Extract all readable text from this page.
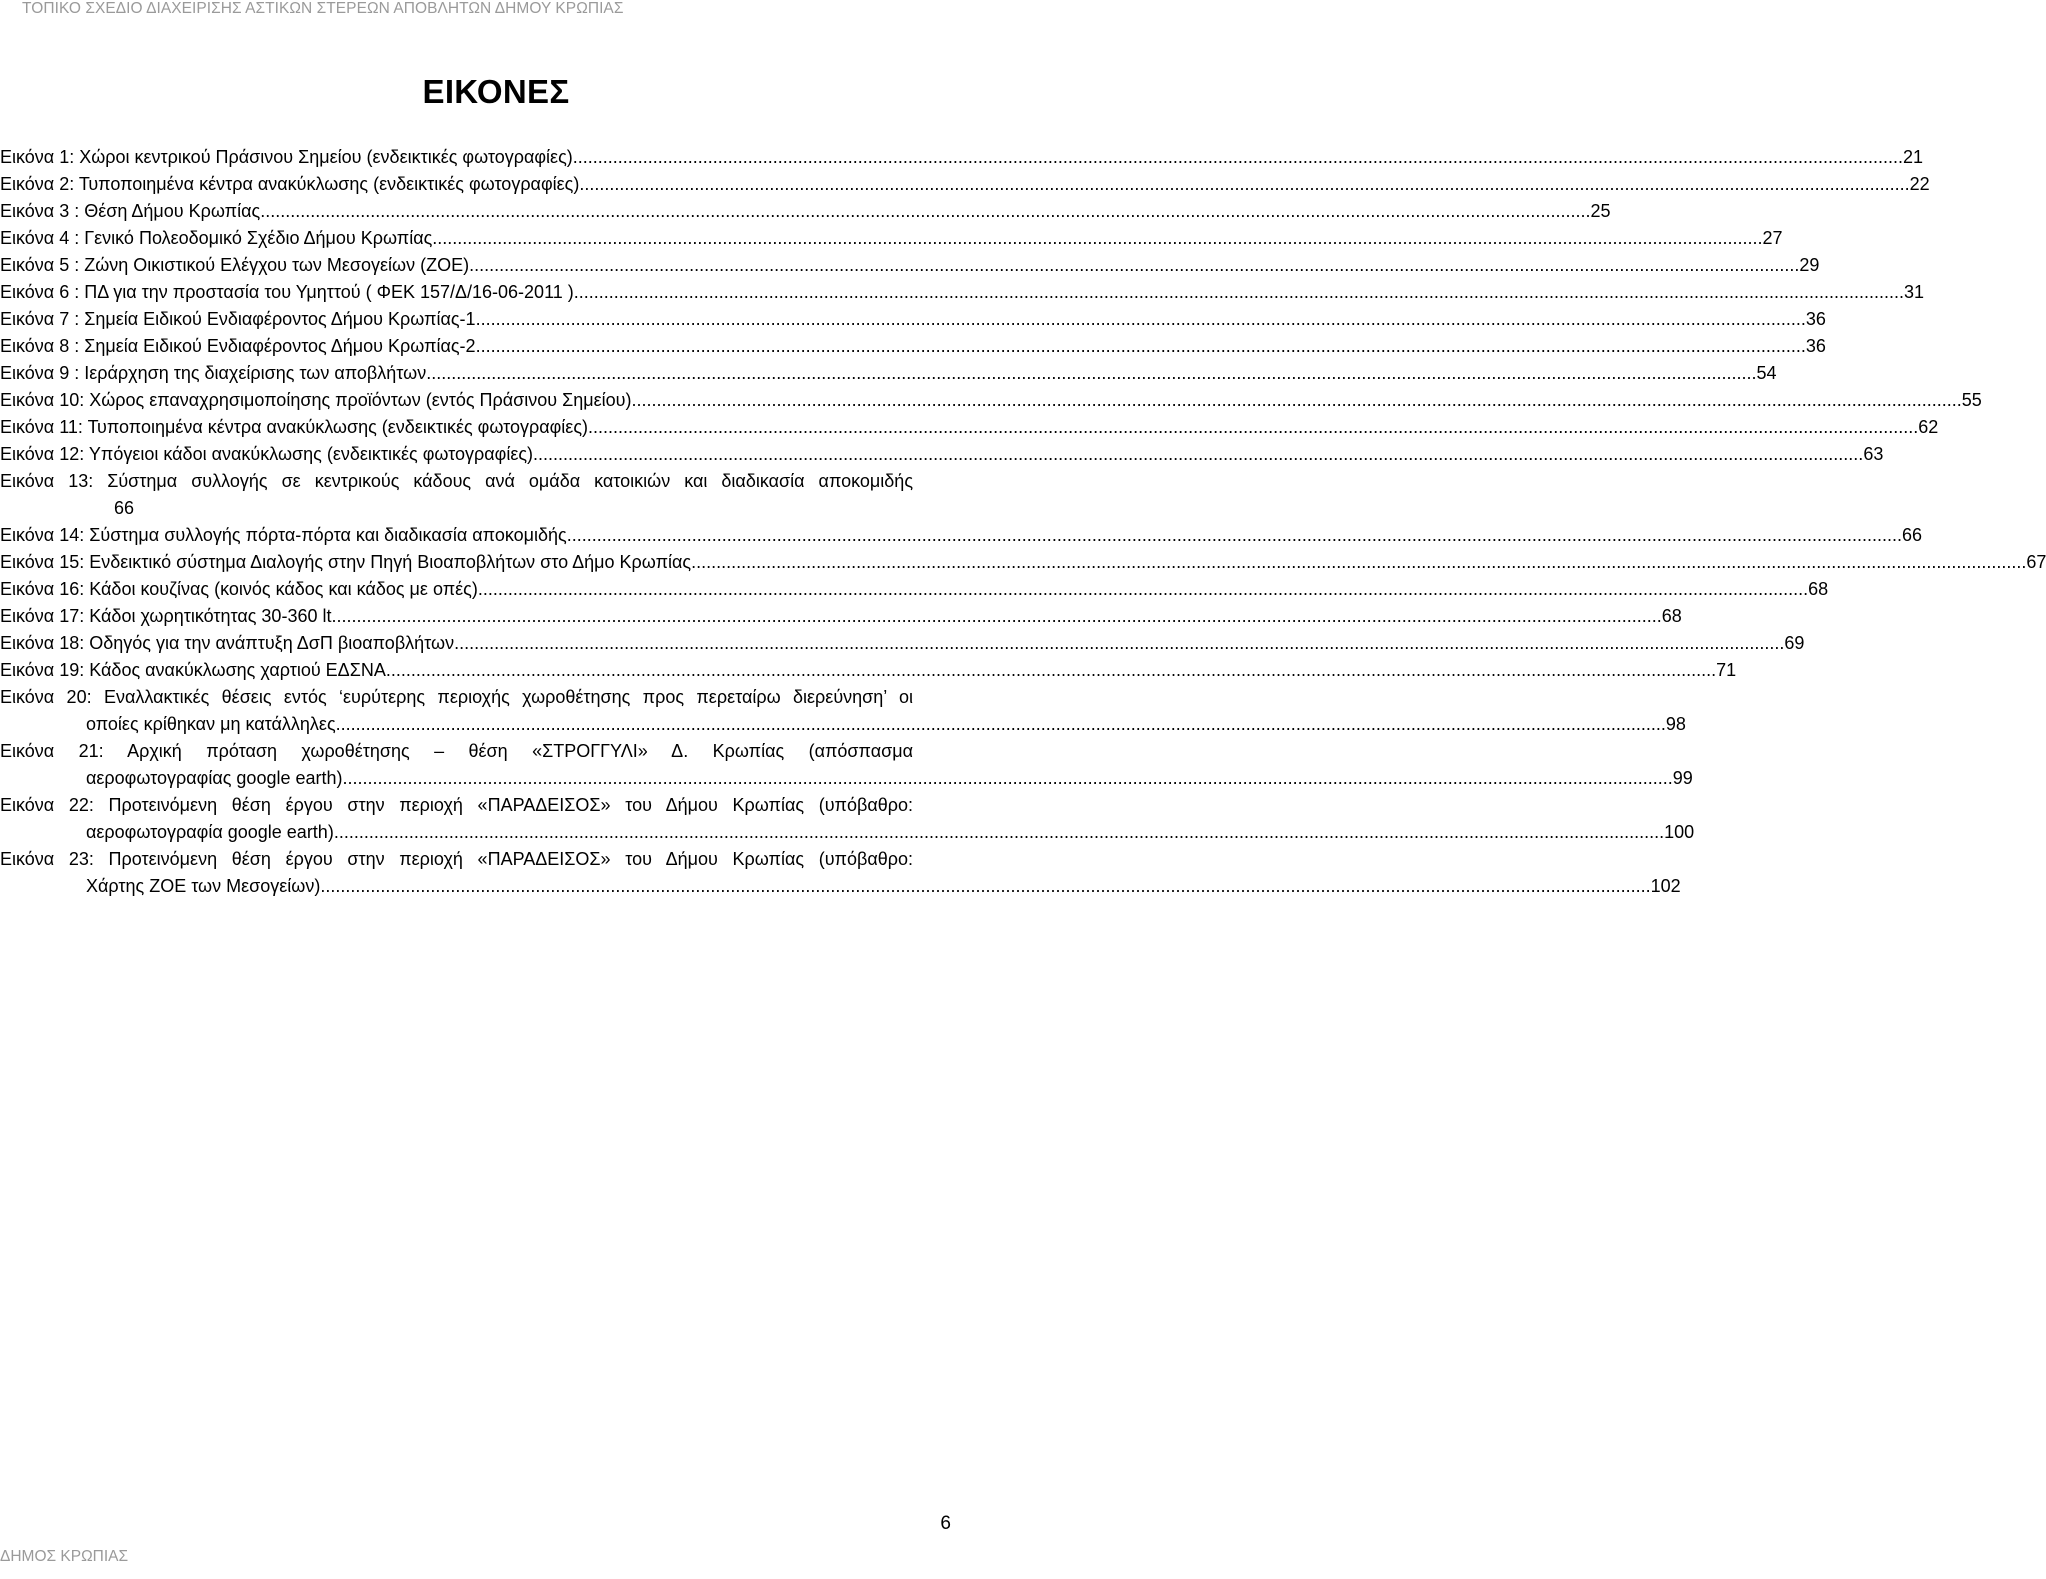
ΤΟΠΙΚΟ ΣΧΕΔΙΟ ΔΙΑΧΕΙΡΙΣΗΣ ΑΣΤΙΚΩΝ ΣΤΕΡΕΩΝ ΑΠΟΒΛΗΤΩΝ ΔΗΜΟΥ ΚΡΩΠΙΑΣ
ΕΙΚΟΝΕΣ
Εικόνα 1: Χώροι κεντρικού Πράσινου Σημείου (ενδεικτικές φωτογραφίες) .......................................................................................................................................................................................................................................................................... 21
Εικόνα 2: Τυποποιημένα κέντρα ανακύκλωσης (ενδεικτικές φωτογραφίες) .......................................................................................................................................................................................................................................................................... 22
Εικόνα 3 : Θέση Δήμου Κρωπίας .......................................................................................................................................................................................................................................................................... 25
Εικόνα 4 : Γενικό Πολεοδομικό Σχέδιο Δήμου Κρωπίας .......................................................................................................................................................................................................................................................................... 27
Εικόνα 5 : Ζώνη Οικιστικού Ελέγχου των Μεσογείων (ΖΟΕ) .......................................................................................................................................................................................................................................................................... 29
Εικόνα 6 : ΠΔ για την προστασία του Υμηττού ( ΦΕΚ 157/Δ/16-06-2011 ) .......................................................................................................................................................................................................................................................................... 31
Εικόνα 7 : Σημεία Ειδικού Ενδιαφέροντος Δήμου Κρωπίας-1 .......................................................................................................................................................................................................................................................................... 36
Εικόνα 8 : Σημεία Ειδικού Ενδιαφέροντος Δήμου Κρωπίας-2 .......................................................................................................................................................................................................................................................................... 36
Εικόνα 9 : Ιεράρχηση της διαχείρισης των αποβλήτων .......................................................................................................................................................................................................................................................................... 54
Εικόνα 10: Χώρος επαναχρησιμοποίησης προϊόντων (εντός Πράσινου Σημείου) .......................................................................................................................................................................................................................................................................... 55
Εικόνα 11: Τυποποιημένα κέντρα ανακύκλωσης (ενδεικτικές φωτογραφίες) .......................................................................................................................................................................................................................................................................... 62
Εικόνα 12: Υπόγειοι κάδοι ανακύκλωσης (ενδεικτικές φωτογραφίες) .......................................................................................................................................................................................................................................................................... 63
Εικόνα 13: Σύστημα συλλογής σε κεντρικούς κάδους ανά ομάδα κατοικιών και διαδικασία αποκομιδής
66
Εικόνα 14: Σύστημα συλλογής πόρτα-πόρτα και διαδικασία αποκομιδής. .......................................................................................................................................................................................................................................................................... 66
Εικόνα 15: Ενδεικτικό σύστημα Διαλογής στην Πηγή Βιοαποβλήτων στο Δήμο Κρωπίας. .......................................................................................................................................................................................................................................................................... 67
Εικόνα 16: Κάδοι κουζίνας (κοινός κάδος και κάδος με οπές) .......................................................................................................................................................................................................................................................................... 68
Εικόνα 17: Κάδοι χωρητικότητας 30-360 lt .......................................................................................................................................................................................................................................................................... 68
Εικόνα 18: Οδηγός για την ανάπτυξη ΔσΠ βιοαποβλήτων .......................................................................................................................................................................................................................................................................... 69
Εικόνα 19: Κάδος ανακύκλωσης χαρτιού ΕΔΣΝΑ .......................................................................................................................................................................................................................................................................... 71
Εικόνα 20: Εναλλακτικές θέσεις εντός ‘ευρύτερης περιοχής χωροθέτησης προς περεταίρω διερεύνηση’ οι
οποίες κρίθηκαν μη κατάλληλες .......................................................................................................................................................................................................................................................................... 98
Εικόνα 21: Αρχική πρόταση χωροθέτησης – θέση «ΣΤΡΟΓΓΥΛΙ» Δ. Κρωπίας (απόσπασμα
αεροφωτογραφίας google earth) .......................................................................................................................................................................................................................................................................... 99
Εικόνα 22: Προτεινόμενη θέση έργου στην περιοχή «ΠΑΡΑΔΕΙΣΟΣ» του Δήμου Κρωπίας (υπόβαθρο:
αεροφωτογραφία google earth) .......................................................................................................................................................................................................................................................................... 100
Εικόνα 23: Προτεινόμενη θέση έργου στην περιοχή «ΠΑΡΑΔΕΙΣΟΣ» του Δήμου Κρωπίας (υπόβαθρο:
Χάρτης ΖΟΕ των Μεσογείων) .......................................................................................................................................................................................................................................................................... 102
6
ΔΗΜΟΣ ΚΡΩΠΙΑΣ
